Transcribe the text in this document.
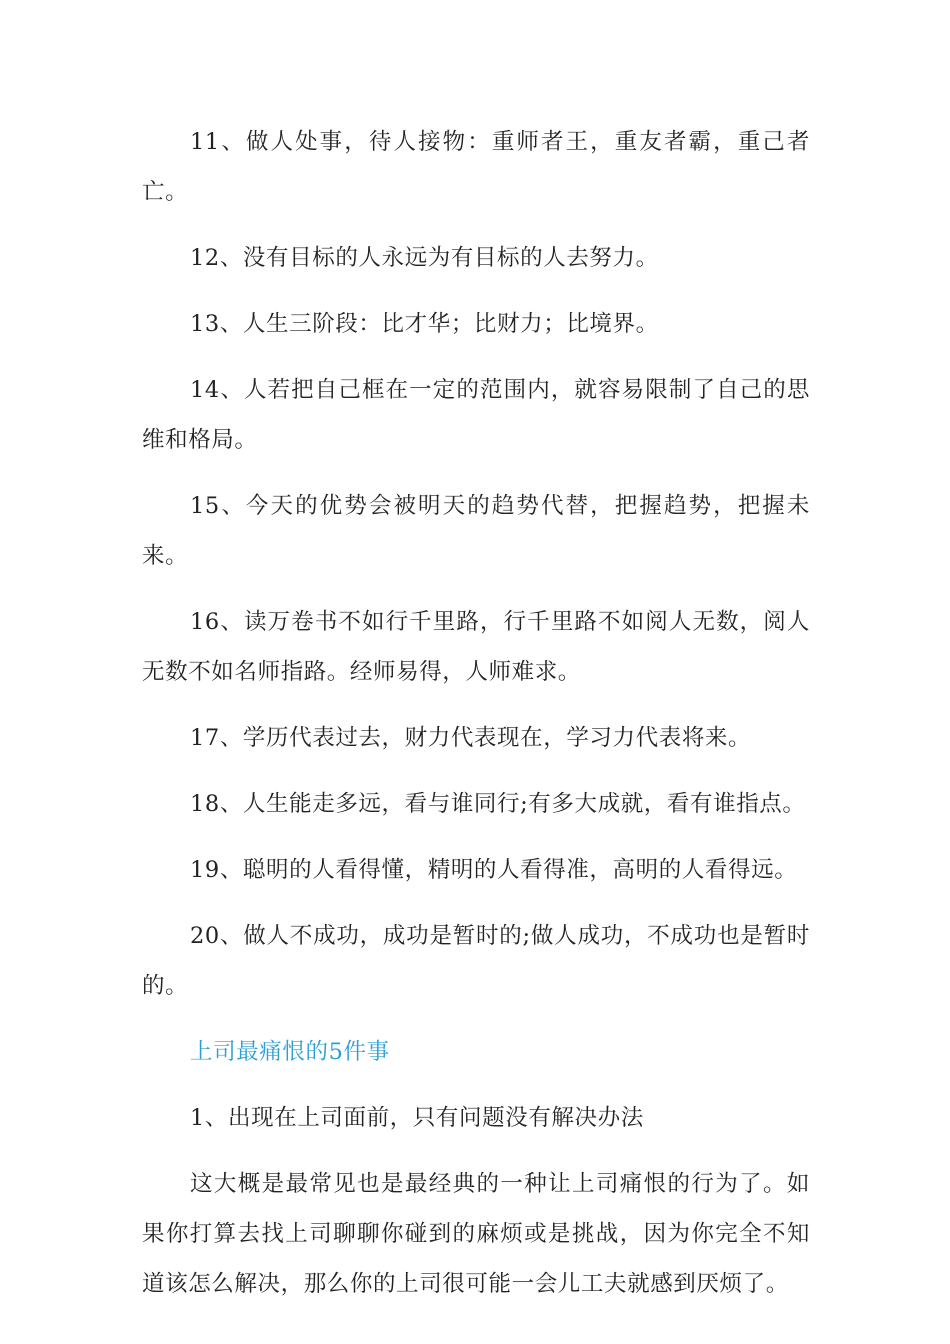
11、做人处事，待人接物：重师者王，重友者霸，重己者亡。

12、没有目标的人永远为有目标的人去努力。

13、人生三阶段：比才华；比财力；比境界。

14、人若把自己框在一定的范围内，就容易限制了自己的思维和格局。

15、今天的优势会被明天的趋势代替，把握趋势，把握未来。

16、读万卷书不如行千里路，行千里路不如阅人无数，阅人无数不如名师指路。经师易得，人师难求。

17、学历代表过去，财力代表现在，学习力代表将来。

18、人生能走多远，看与谁同行;有多大成就，看有谁指点。

19、聪明的人看得懂，精明的人看得准，高明的人看得远。

20、做人不成功，成功是暂时的;做人成功，不成功也是暂时的。

上司最痛恨的5件事

1、出现在上司面前，只有问题没有解决办法

这大概是最常见也是最经典的一种让上司痛恨的行为了。如果你打算去找上司聊聊你碰到的麻烦或是挑战，因为你完全不知道该怎么解决，那么你的上司很可能一会儿工夫就感到厌烦了。
